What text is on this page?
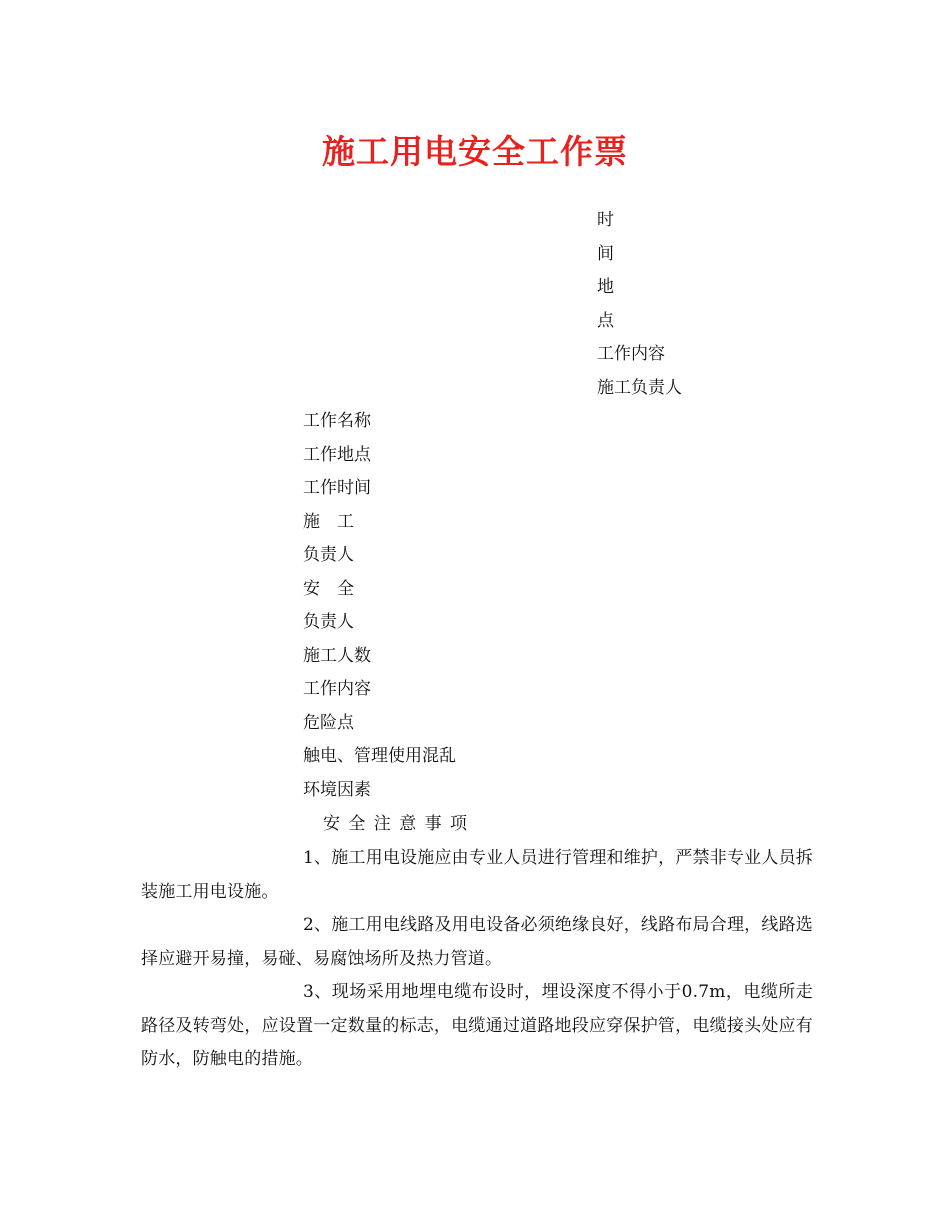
施工用电安全工作票

时

间

地

点

工作内容

施工负责人

工作名称

工作地点

工作时间

施　工

负责人

安　全

负责人

施工人数

工作内容

危险点

触电、管理使用混乱

环境因素

安 全 注 意 事 项

1、施工用电设施应由专业人员进行管理和维护，严禁非专业人员拆装施工用电设施。

2、施工用电线路及用电设备必须绝缘良好，线路布局合理，线路选择应避开易撞，易碰、易腐蚀场所及热力管道。

3、现场采用地埋电缆布设时，埋设深度不得小于0.7m，电缆所走路径及转弯处，应设置一定数量的标志，电缆通过道路地段应穿保护管，电缆接头处应有防水，防触电的措施。
